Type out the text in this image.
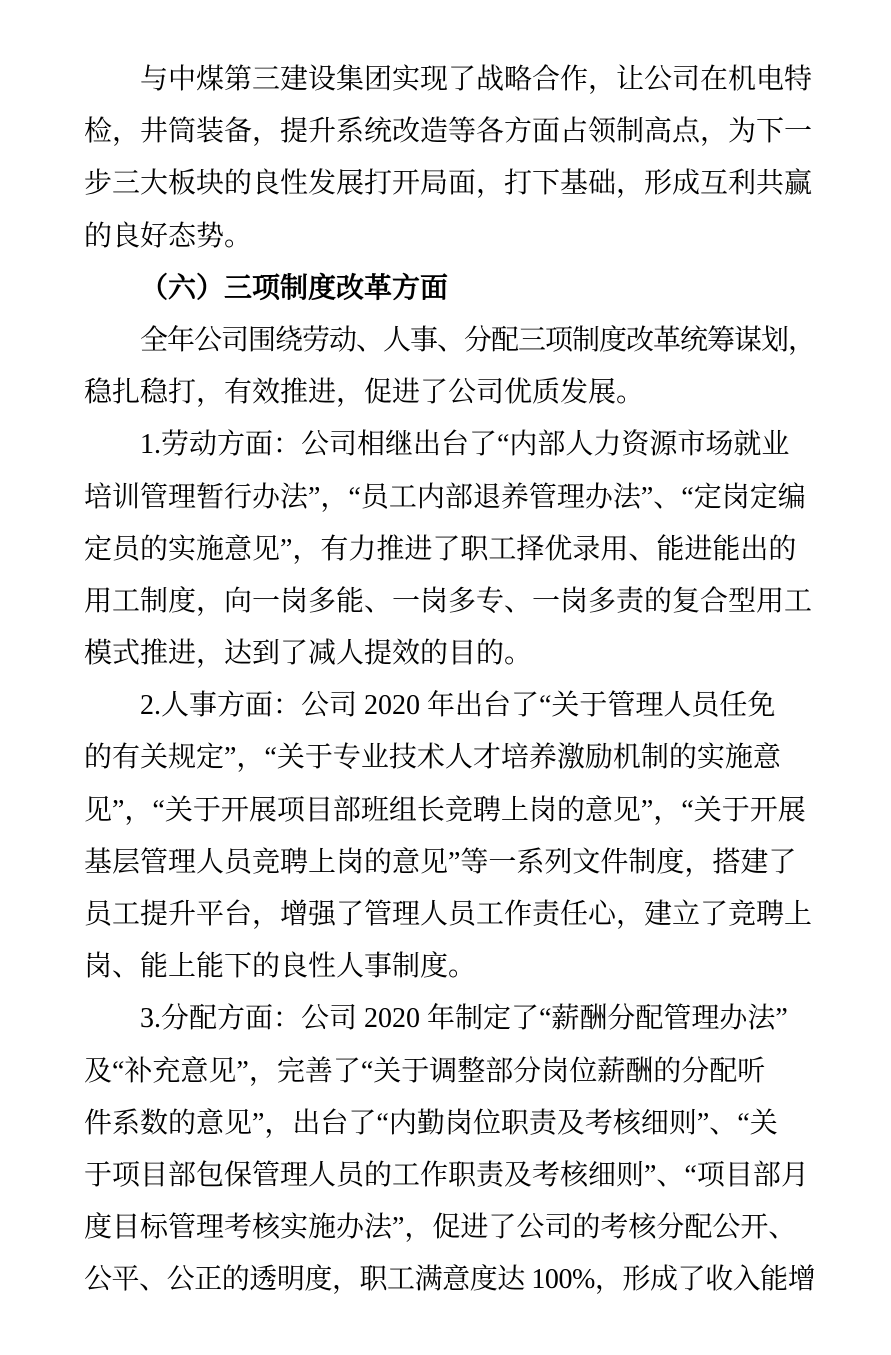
与中煤第三建设集团实现了战略合作，让公司在机电特
检，井筒装备，提升系统改造等各方面占领制高点，为下一
步三大板块的良性发展打开局面，打下基础，形成互利共赢
的良好态势。
（六）三项制度改革方面
全年公司围绕劳动、人事、分配三项制度改革统筹谋划，
稳扎稳打，有效推进，促进了公司优质发展。
1.劳动方面：公司相继出台了“内部人力资源市场就业
培训管理暂行办法”，“员工内部退养管理办法”、“定岗定编
定员的实施意见”，有力推进了职工择优录用、能进能出的
用工制度，向一岗多能、一岗多专、一岗多责的复合型用工
模式推进，达到了减人提效的目的。
2.人事方面：公司 2020 年出台了“关于管理人员任免
的有关规定”，“关于专业技术人才培养激励机制的实施意
见”，“关于开展项目部班组长竞聘上岗的意见”，“关于开展
基层管理人员竞聘上岗的意见”等一系列文件制度，搭建了
员工提升平台，增强了管理人员工作责任心，建立了竞聘上
岗、能上能下的良性人事制度。
3.分配方面：公司 2020 年制定了“薪酬分配管理办法”
及“补充意见”，完善了“关于调整部分岗位薪酬的分配听
件系数的意见”，出台了“内勤岗位职责及考核细则”、“关
于项目部包保管理人员的工作职责及考核细则”、“项目部月
度目标管理考核实施办法”，促进了公司的考核分配公开、
公平、公正的透明度，职工满意度达 100%，形成了收入能增
